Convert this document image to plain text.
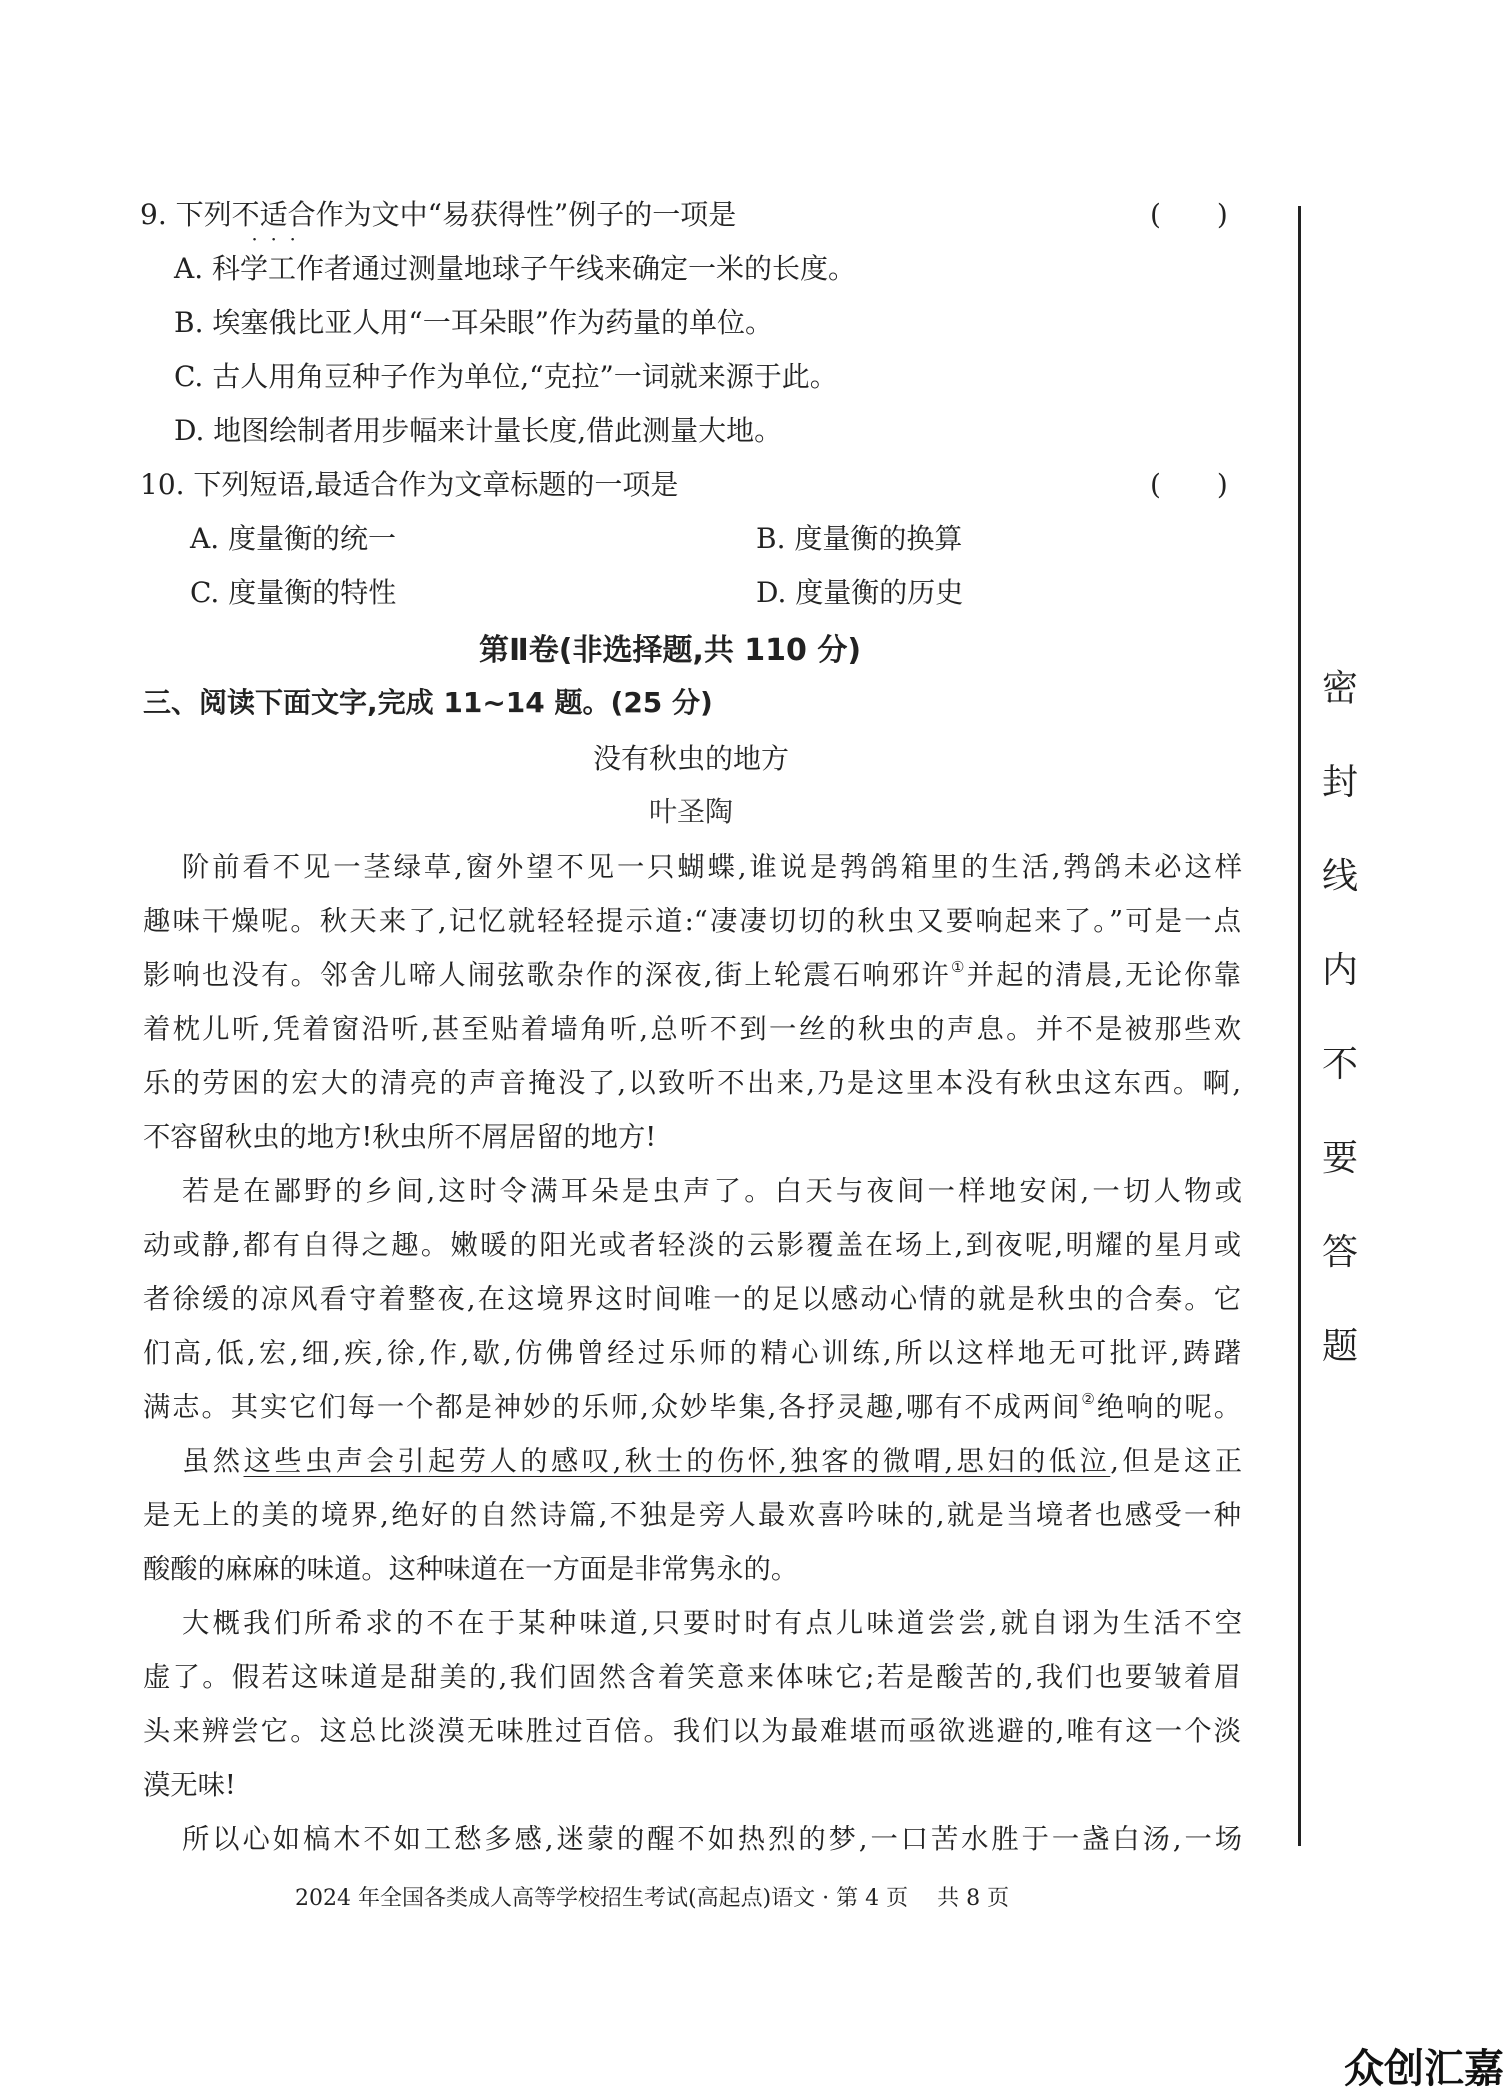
9. 下列不适合
·  ·  ·
作为文中“易获得性”例子的一项是	(　　)
A. 科学工作者通过测量地球子午线来确定一米的长度。
B. 埃塞俄比亚人用“一耳朵眼”作为药量的单位。
C. 古人用角豆种子作为单位,“克拉”一词就来源于此。
D. 地图绘制者用步幅来计量长度,借此测量大地。
10. 下列短语,最适合作为文章标题的一项是	(　　)
A. 度量衡的统一	B. 度量衡的换算
C. 度量衡的特性	D. 度量衡的历史
第Ⅱ卷(非选择题,共 110 分)
三、阅读下面文字,完成 11~14 题。(25 分)
没有秋虫的地方
叶圣陶
阶前看不见一茎绿草,窗外望不见一只蝴蝶,谁说是鹁鸽箱里的生活,鹁鸽未必这样
趣味干燥呢。秋天来了,记忆就轻轻提示道:“凄凄切切的秋虫又要响起来了。”可是一点
影响也没有。邻舍儿啼人闹弦歌杂作的深夜,街上轮震石响邪许①并起的清晨,无论你靠
着枕儿听,凭着窗沿听,甚至贴着墙角听,总听不到一丝的秋虫的声息。并不是被那些欢
乐的劳困的宏大的清亮的声音掩没了,以致听不出来,乃是这里本没有秋虫这东西。啊,
不容留秋虫的地方!秋虫所不屑居留的地方!
若是在鄙野的乡间,这时令满耳朵是虫声了。白天与夜间一样地安闲,一切人物或
动或静,都有自得之趣。嫩暖的阳光或者轻淡的云影覆盖在场上,到夜呢,明耀的星月或
者徐缓的凉风看守着整夜,在这境界这时间唯一的足以感动心情的就是秋虫的合奏。它
们高,低,宏,细,疾,徐,作,歇,仿佛曾经过乐师的精心训练,所以这样地无可批评,踌躇
满志。其实它们每一个都是神妙的乐师,众妙毕集,各抒灵趣,哪有不成两间②绝响的呢。
虽然这些虫声会引起劳人的感叹,秋士的伤怀,独客的微喟,思妇的低泣,但是这正
是无上的美的境界,绝好的自然诗篇,不独是旁人最欢喜吟味的,就是当境者也感受一种
酸酸的麻麻的味道。这种味道在一方面是非常隽永的。
大概我们所希求的不在于某种味道,只要时时有点儿味道尝尝,就自诩为生活不空
虚了。假若这味道是甜美的,我们固然含着笑意来体味它;若是酸苦的,我们也要皱着眉
头来辨尝它。这总比淡漠无味胜过百倍。我们以为最难堪而亟欲逃避的,唯有这一个淡
漠无味!
所以心如槁木不如工愁多感,迷蒙的醒不如热烈的梦,一口苦水胜于一盏白汤,一场
2024 年全国各类成人高等学校招生考试(高起点)语文 · 第 4 页　 共 8 页
密
封
线
内
不
要
答
题
众创汇嘉
